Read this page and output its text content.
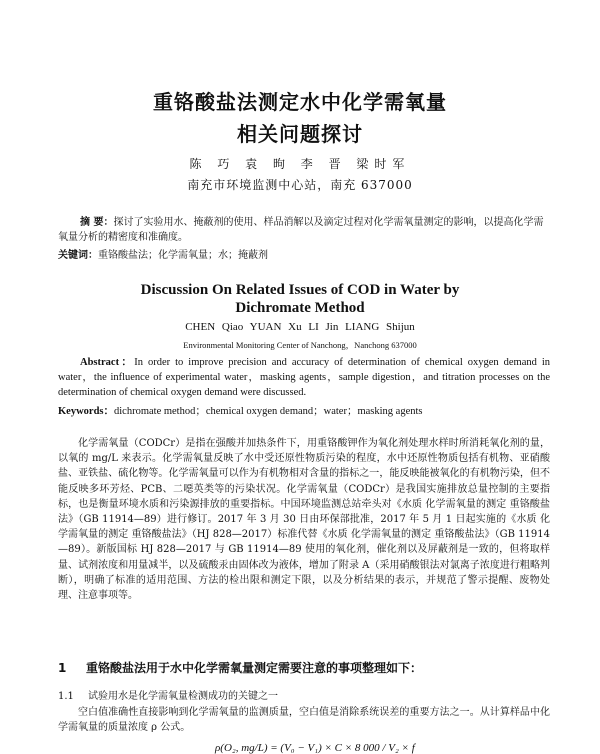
重铬酸盐法测定水中化学需氧量
相关问题探讨
陈 巧 袁 昫 李 晋 梁时军
南充市环境监测中心站，南充 637000
摘 要：探讨了实验用水、掩蔽剂的使用、样品消解以及滴定过程对化学需氧量测定的影响，以提高化学需氧量分析的精密度和准确度。
关键词：重铬酸盐法；化学需氧量；水；掩蔽剂
Discussion On Related Issues of COD in Water by
Dichromate Method
CHEN Qiao YUAN Xu LI Jin LIANG Shijun
Environmental Monitoring Center of Nanchong，Nanchong 637000
Abstract：In order to improve precision and accuracy of determination of chemical oxygen demand in water，the influence of experimental water，masking agents，sample digestion，and titration processes on the determination of chemical oxygen demand were discussed.
Keywords：dichromate method；chemical oxygen demand；water；masking agents
化学需氧量（CODCr）是指在强酸并加热条件下，用重铬酸钾作为氧化剂处理水样时所消耗氧化剂的量，以氧的 mg/L 来表示。化学需氧量反映了水中受还原性物质污染的程度，水中还原性物质包括有机物、亚硝酸盐、亚铁盐、硫化物等。化学需氧量可以作为有机物相对含量的指标之一，能反映能被氧化的有机物污染，但不能反映多环芳烃、PCB、二噁英类等的污染状况。化学需氧量（CODCr）是我国实施排放总量控制的主要指标，也是衡量环境水质和污染源排放的重要指标。中国环境监测总站牵头对《水质 化学需氧量的测定 重铬酸盐法》（GB 11914—89）进行修订。2017 年 3 月 30 日由环保部批准，2017 年 5 月 1 日起实施的《水质 化学需氧量的测定 重铬酸盐法》（HJ 828—2017）标准代替《水质 化学需氧量的测定 重铬酸盐法》（GB 11914—89）。新版国标 HJ 828—2017 与 GB 11914—89 使用的氧化剂，催化剂以及屏蔽剂是一致的，但将取样量、试剂浓度和用量减半，以及硫酸汞由固体改为液体，增加了附录 A（采用硝酸银法对氯离子浓度进行粗略判断），明确了标准的适用范围、方法的检出限和测定下限，以及分析结果的表示，并规范了警示提醒、废物处理、注意事项等。
1 重铬酸盐法用于水中化学需氧量测定需要注意的事项整理如下：
1.1 试验用水是化学需氧量检测成功的关键之一
空白值准确性直接影响到化学需氧量的监测质量，空白值是消除系统误差的重要方法之一。从计算样品中化学需氧量的质量浓度 ρ 公式。
ρ(O₂, mg/L) = (V₀ − V₁) × C × 8 000 / V₂ × f
